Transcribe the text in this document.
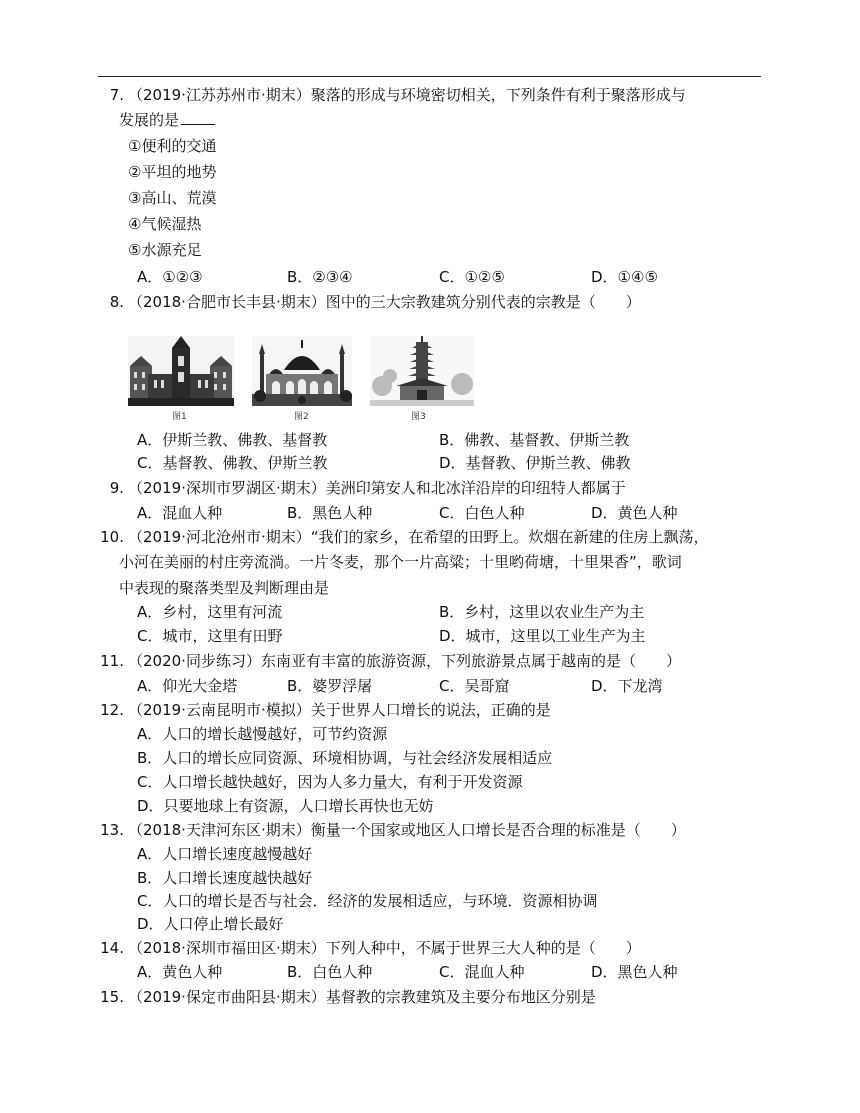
7. （2019·江苏苏州市·期末）聚落的形成与环境密切相关，下列条件有利于聚落形成与
发展的是
①便利的交通
②平坦的地势
③高山、荒漠
④气候湿热
⑤水源充足
A．①②③	B．②③④	C．①②⑤	D．①④⑤
8. （2018·合肥市长丰县·期末）图中的三大宗教建筑分别代表的宗教是（　　）
图1	图2	图3
A．伊斯兰教、佛教、基督教	B．佛教、基督教、伊斯兰教
C．基督教、佛教、伊斯兰教	D．基督教、伊斯兰教、佛教
9. （2019·深圳市罗湖区·期末）美洲印第安人和北冰洋沿岸的印纽特人都属于
A．混血人种	B．黑色人种	C．白色人种	D．黄色人种
10. （2019·河北沧州市·期末）“我们的家乡，在希望的田野上。炊烟在新建的住房上飘荡，
小河在美丽的村庄旁流淌。一片冬麦，那个一片高粱；十里哟荷塘，十里果香”，歌词
中表现的聚落类型及判断理由是
A．乡村，这里有河流	B．乡村，这里以农业生产为主
C．城市，这里有田野	D．城市，这里以工业生产为主
11. （2020·同步练习）东南亚有丰富的旅游资源，下列旅游景点属于越南的是（　　）
A．仰光大金塔	B．婆罗浮屠	C．吴哥窟	D．下龙湾
12. （2019·云南昆明市·模拟）关于世界人口增长的说法，正确的是
A．人口的增长越慢越好，可节约资源
B．人口的增长应同资源、环境相协调，与社会经济发展相适应
C．人口增长越快越好，因为人多力量大，有利于开发资源
D．只要地球上有资源，人口增长再快也无妨
13. （2018·天津河东区·期末）衡量一个国家或地区人口增长是否合理的标准是（　　）
A．人口增长速度越慢越好
B．人口增长速度越快越好
C．人口的增长是否与社会．经济的发展相适应，与环境．资源相协调
D．人口停止增长最好
14. （2018·深圳市福田区·期末）下列人种中，不属于世界三大人种的是（　　）
A．黄色人种	B．白色人种	C．混血人种	D．黑色人种
15. （2019·保定市曲阳县·期末）基督教的宗教建筑及主要分布地区分别是
